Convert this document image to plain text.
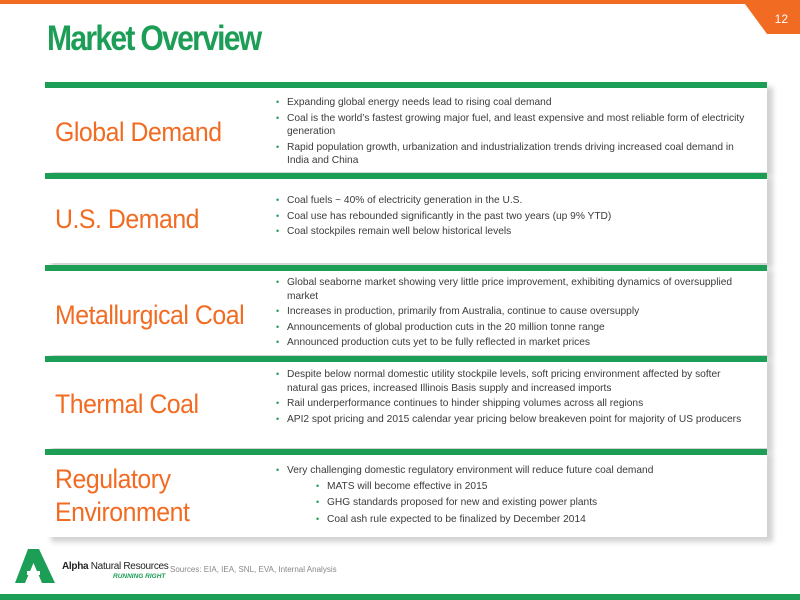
12
Market Overview
Global Demand
• Expanding global energy needs lead to rising coal demand
• Coal is the world’s fastest growing major fuel, and least expensive and most reliable form of electricity generation
• Rapid population growth, urbanization and industrialization trends driving increased coal demand in India and China
U.S. Demand
• Coal fuels ~ 40% of electricity generation in the U.S.
• Coal use has rebounded significantly in the past two years (up 9% YTD)
• Coal stockpiles remain well below historical levels
Metallurgical Coal
• Global seaborne market showing very little price improvement, exhibiting dynamics of oversupplied market
• Increases in production, primarily from Australia, continue to cause oversupply
• Announcements of global production cuts in the 20 million tonne range
• Announced production cuts yet to be fully reflected in market prices
Thermal Coal
• Despite below normal domestic utility stockpile levels, soft pricing environment affected by softer natural gas prices, increased Illinois Basis supply and increased imports
• Rail underperformance continues to hinder shipping volumes across all regions
• API2 spot pricing and 2015 calendar year pricing below breakeven point for majority of US producers
Regulatory
Environment
• Very challenging domestic regulatory environment will reduce future coal demand
• MATS will become effective in 2015
• GHG standards proposed for new and existing power plants
• Coal ash rule expected to be finalized by December 2014
Alpha Natural Resources
RUNNING RIGHT
Sources: EIA, IEA, SNL, EVA, Internal Analysis
